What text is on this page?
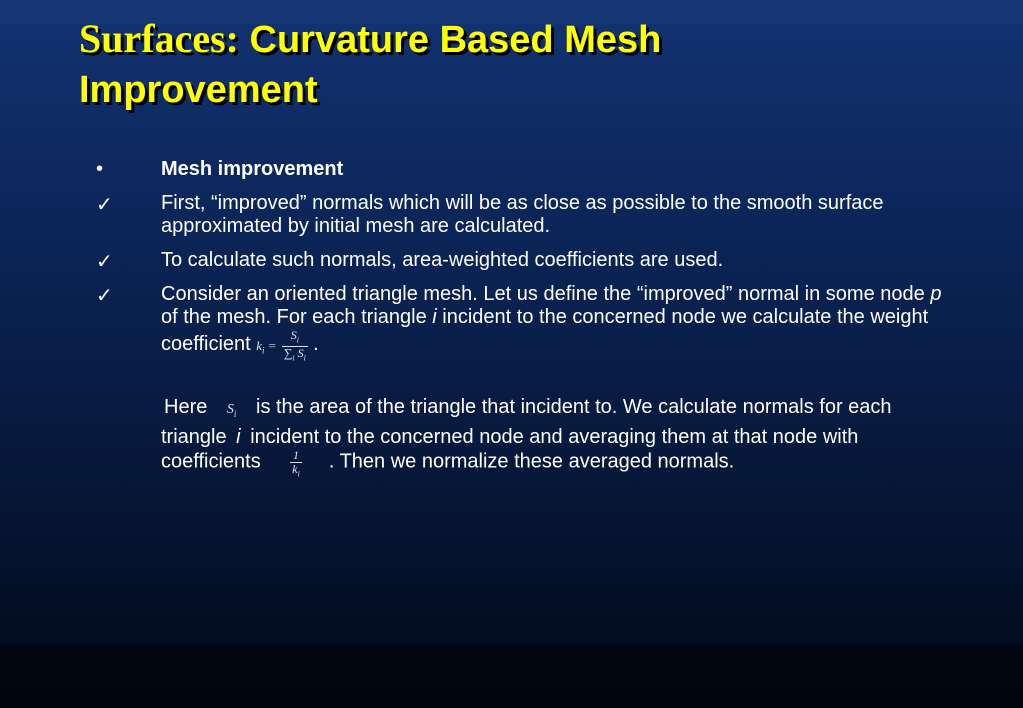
Surfaces: Curvature Based Mesh
Improvement
•	Mesh improvement
✓	First, “improved” normals which will be as close as possible to the smooth surface approximated by initial mesh are calculated.
✓	To calculate such normals, area-weighted coefficients are used.
✓	Consider an oriented triangle mesh. Let us define the “improved” normal in some node p of the mesh. For each triangle i incident to the concerned node we calculate the weight coefficient $k_i = \frac{S_i}{\sum_i S_i}$ .
Here $S_i$ is the area of the triangle that incident to. We calculate normals for each triangle i incident to the concerned node and averaging them at that node with coefficients $\frac{1}{k_i}$ . Then we normalize these averaged normals.
